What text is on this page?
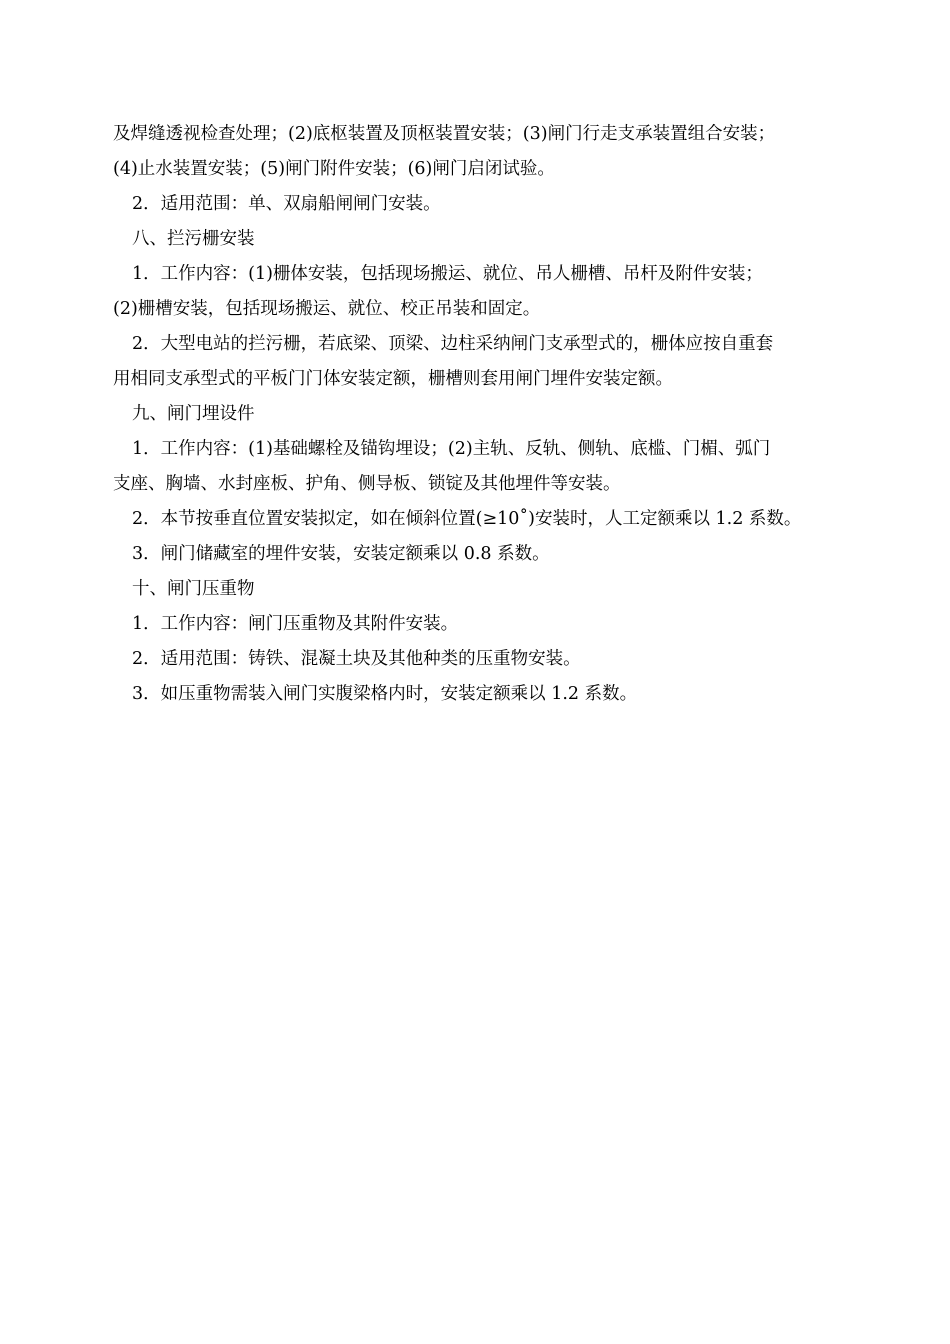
及焊缝透视检查处理；(2)底枢装置及顶枢装置安装；(3)闸门行走支承装置组合安装；
(4)止水装置安装；(5)闸门附件安装；(6)闸门启闭试验。
2．适用范围：单、双扇船闸闸门安装。
八、拦污栅安装
1．工作内容：(1)栅体安装，包括现场搬运、就位、吊人栅槽、吊杆及附件安装；
(2)栅槽安装，包括现场搬运、就位、校正吊装和固定。
2．大型电站的拦污栅，若底梁、顶梁、边柱采纳闸门支承型式的，栅体应按自重套
用相同支承型式的平板门门体安装定额，栅槽则套用闸门埋件安装定额。
九、闸门埋设件
1．工作内容：(1)基础螺栓及锚钩埋设；(2)主轨、反轨、侧轨、底槛、门楣、弧门
支座、胸墙、水封座板、护角、侧导板、锁锭及其他埋件等安装。
2．本节按垂直位置安装拟定，如在倾斜位置(≥10˚)安装时，人工定额乘以 1.2 系数。
3．闸门储藏室的埋件安装，安装定额乘以 0.8 系数。
十、闸门压重物
1．工作内容：闸门压重物及其附件安装。
2．适用范围：铸铁、混凝土块及其他种类的压重物安装。
3．如压重物需装入闸门实腹梁格内时，安装定额乘以 1.2 系数。
